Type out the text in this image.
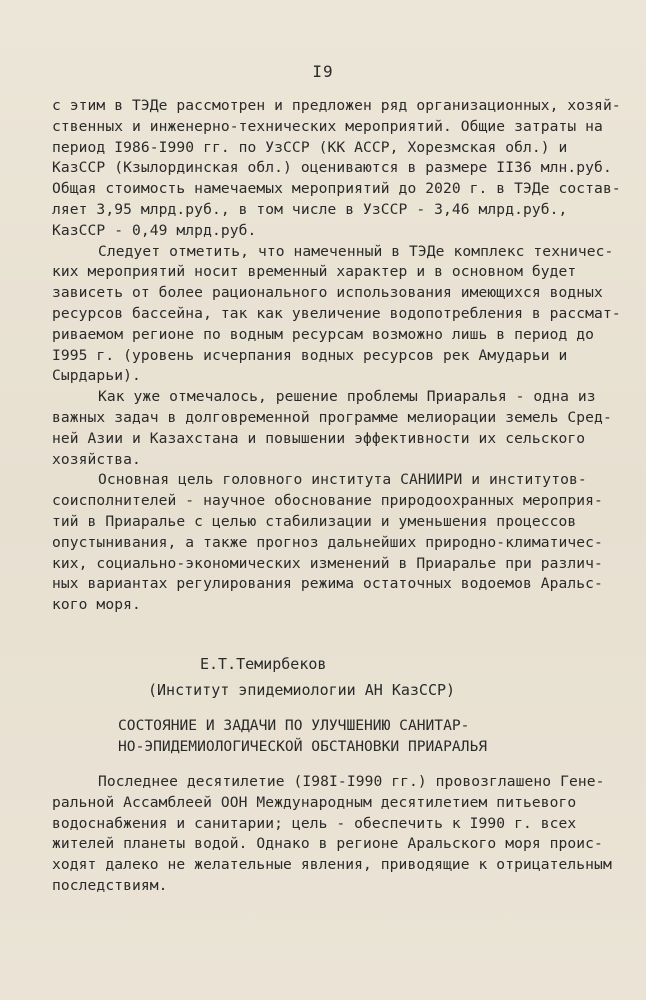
I9
с этим в ТЭДе рассмотрен и предложен ряд организационных, хозяй-
ственных и инженерно-технических мероприятий. Общие затраты на
период I986-I990 гг. по УзССР (КК АССР, Хорезмская обл.) и
КазССР (Кзылординская обл.) оцениваются в размере II36 млн.руб.
Общая стоимость намечаемых мероприятий до 2020 г. в ТЭДе состав-
ляет 3,95 млрд.руб., в том числе в УзССР - 3,46 млрд.руб.,
КазССР - 0,49 млрд.руб.
Следует отметить, что намеченный в ТЭДе комплекс техничес-
ких мероприятий носит временный характер и в основном будет
зависеть от более рационального использования имеющихся водных
ресурсов бассейна, так как увеличение водопотребления в рассмат-
риваемом регионе по водным ресурсам возможно лишь в период до
I995 г. (уровень исчерпания водных ресурсов рек Амударьи и
Сырдарьи).
Как уже отмечалось, решение проблемы Приаралья - одна из
важных задач в долговременной программе мелиорации земель Сред-
ней Азии и Казахстана и повышении эффективности их сельского
хозяйства.
Основная цель головного института САНИИРИ и институтов-
соисполнителей - научное обоснование природоохранных мероприя-
тий в Приаралье с целью стабилизации и уменьшения процессов
опустынивания, а также прогноз дальнейших природно-климатичес-
ких, социально-экономических изменений в Приаралье при различ-
ных вариантах регулирования режима остаточных водоемов Аральс-
кого моря.
Е.Т.Темирбеков
(Институт эпидемиологии АН КазССР)
СОСТОЯНИЕ И ЗАДАЧИ ПО УЛУЧШЕНИЮ САНИТАР-
НО-ЭПИДЕМИОЛОГИЧЕСКОЙ ОБСТАНОВКИ ПРИАРАЛЬЯ
Последнее десятилетие (I98I-I990 гг.) провозглашено Гене-
ральной Ассамблеей ООН Международным десятилетием питьевого
водоснабжения и санитарии; цель - обеспечить к I990 г. всех
жителей планеты водой. Однако в регионе Аральского моря проис-
ходят далеко не желательные явления, приводящие к отрицательным
последствиям.
